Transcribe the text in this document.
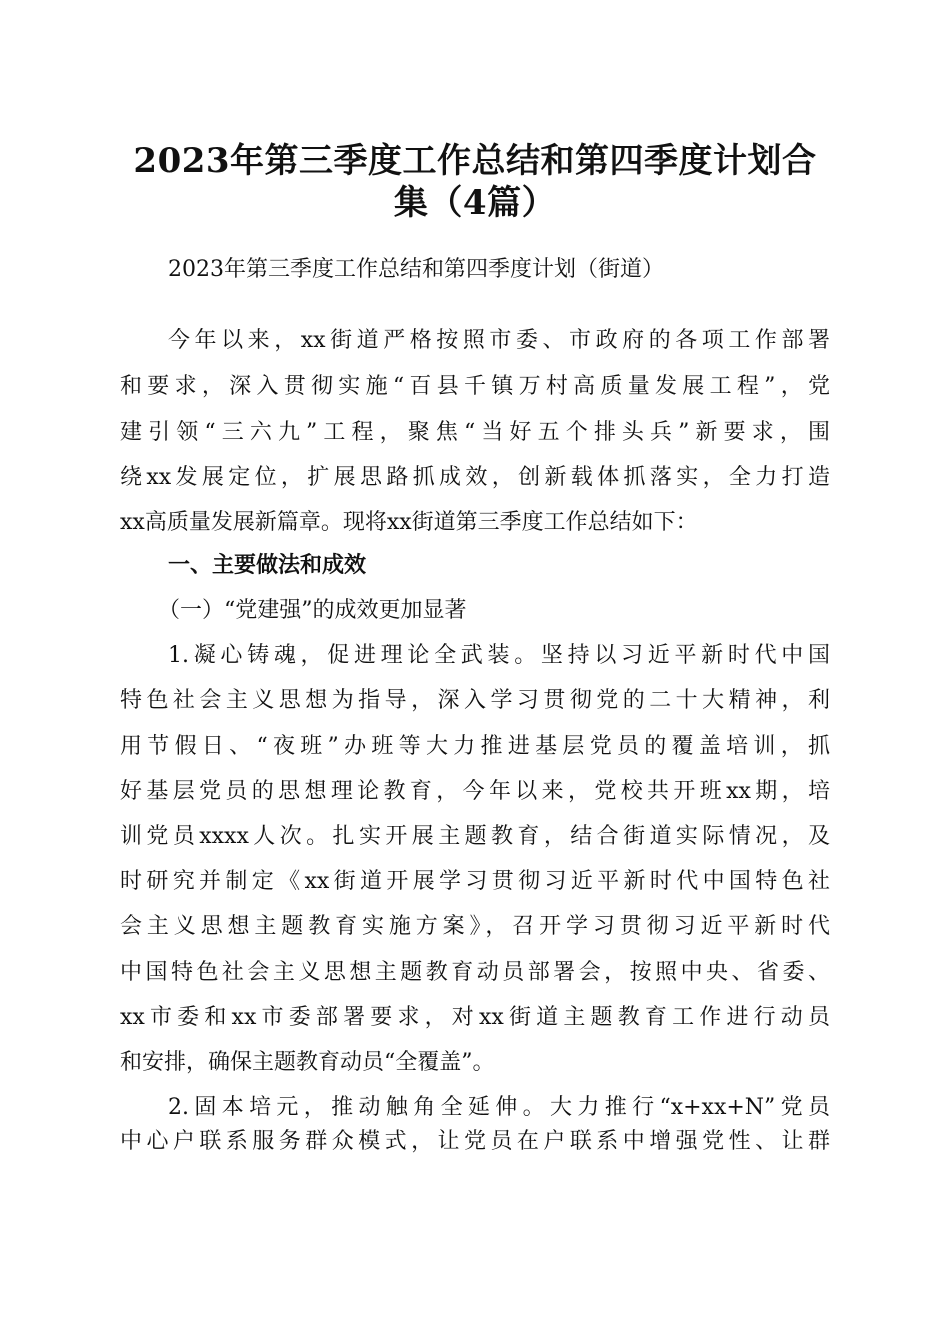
2023年第三季度工作总结和第四季度计划合
集（4篇）

2023年第三季度工作总结和第四季度计划（街道）

今年以来，xx街道严格按照市委、市政府的各项工作部署

和要求，深入贯彻实施“百县千镇万村高质量发展工程”，党

建引领“三六九”工程，聚焦“当好五个排头兵”新要求，围

绕xx发展定位，扩展思路抓成效，创新载体抓落实，全力打造

xx高质量发展新篇章。现将xx街道第三季度工作总结如下：

一、主要做法和成效

（一）“党建强”的成效更加显著

1.凝心铸魂，促进理论全武装。坚持以习近平新时代中国

特色社会主义思想为指导，深入学习贯彻党的二十大精神，利

用节假日、“夜班”办班等大力推进基层党员的覆盖培训，抓

好基层党员的思想理论教育，今年以来，党校共开班xx期，培

训党员xxxx人次。扎实开展主题教育，结合街道实际情况，及

时研究并制定《xx街道开展学习贯彻习近平新时代中国特色社

会主义思想主题教育实施方案》，召开学习贯彻习近平新时代

中国特色社会主义思想主题教育动员部署会，按照中央、省委、

xx市委和xx市委部署要求，对xx街道主题教育工作进行动员

和安排，确保主题教育动员“全覆盖”。

2.固本培元，推动触角全延伸。大力推行“x+xx+N”党员

中心户联系服务群众模式，让党员在户联系中增强党性、让群
